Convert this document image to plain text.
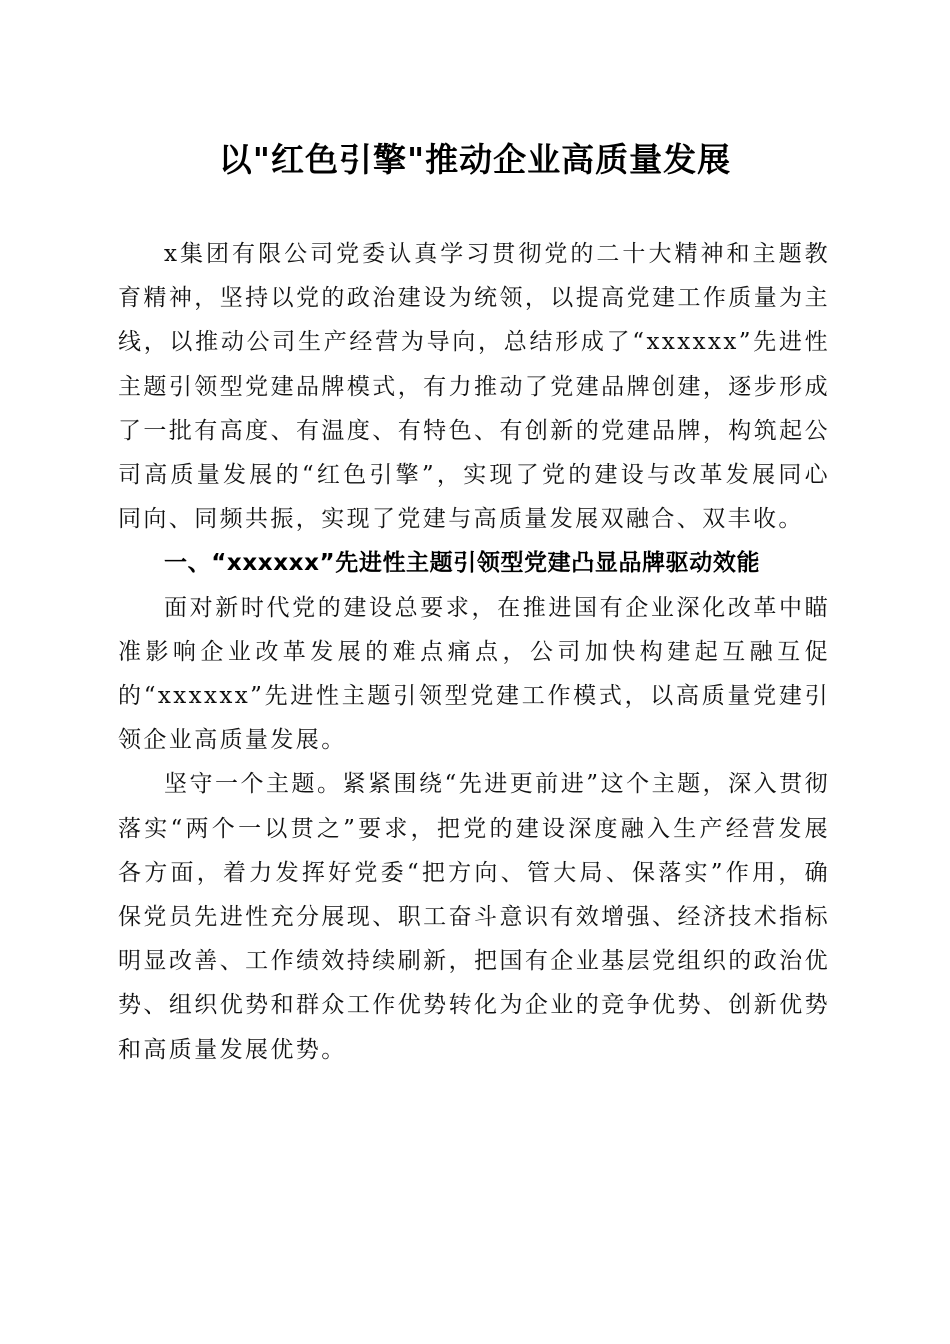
以"红色引擎"推动企业高质量发展

x集团有限公司党委认真学习贯彻党的二十大精神和主题教育精神，坚持以党的政治建设为统领，以提高党建工作质量为主线，以推动公司生产经营为导向，总结形成了“xxxxxx”先进性主题引领型党建品牌模式，有力推动了党建品牌创建，逐步形成了一批有高度、有温度、有特色、有创新的党建品牌，构筑起公司高质量发展的“红色引擎”，实现了党的建设与改革发展同心同向、同频共振，实现了党建与高质量发展双融合、双丰收。

一、“xxxxxx”先进性主题引领型党建凸显品牌驱动效能

面对新时代党的建设总要求，在推进国有企业深化改革中瞄准影响企业改革发展的难点痛点，公司加快构建起互融互促的“xxxxxx”先进性主题引领型党建工作模式，以高质量党建引领企业高质量发展。

坚守一个主题。紧紧围绕“先进更前进”这个主题，深入贯彻落实“两个一以贯之”要求，把党的建设深度融入生产经营发展各方面，着力发挥好党委“把方向、管大局、保落实”作用，确保党员先进性充分展现、职工奋斗意识有效增强、经济技术指标明显改善、工作绩效持续刷新，把国有企业基层党组织的政治优势、组织优势和群众工作优势转化为企业的竞争优势、创新优势和高质量发展优势。
